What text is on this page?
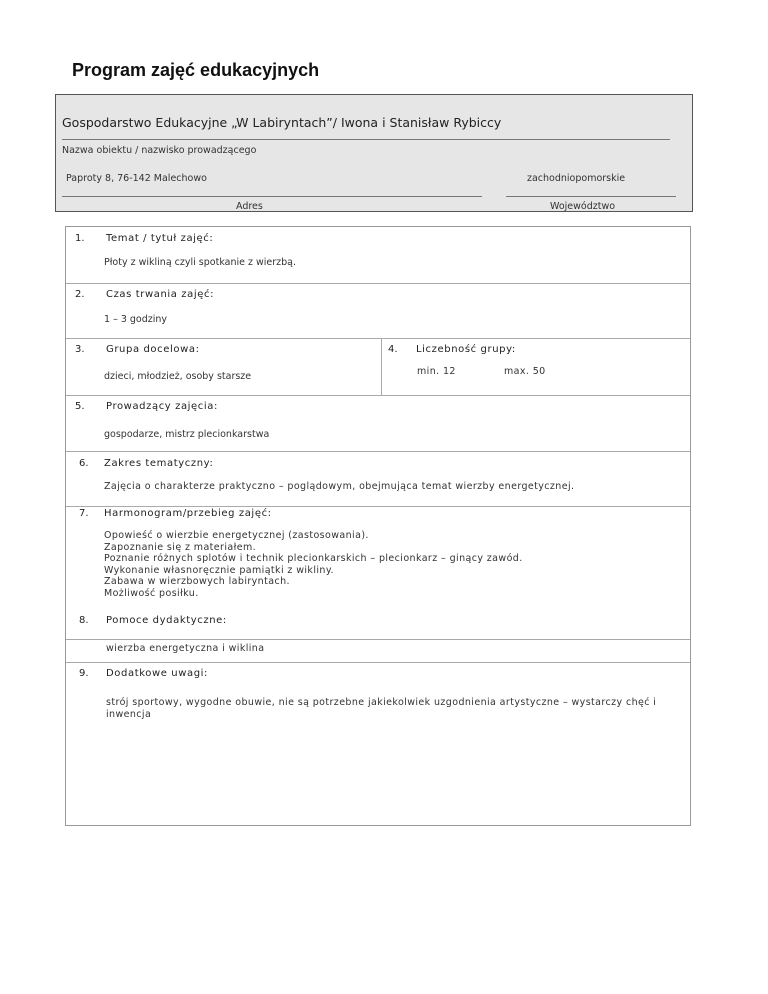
Program zajęć edukacyjnych
Gospodarstwo Edukacyjne „W Labiryntach”/ Iwona i Stanisław Rybiccy
Nazwa obiektu / nazwisko prowadzącego
Paproty 8, 76-142 Malechowo	zachodniopomorskie
Adres	Województwo
1. Temat / tytuł zajęć:
Płoty z wikliną czyli spotkanie z wierzbą.
2. Czas trwania zajęć:
1 – 3 godziny
3. Grupa docelowa:
dzieci, młodzież, osoby starsze
4. Liczebność grupy:
min. 12	max. 50
5. Prowadzący zajęcia:
gospodarze, mistrz plecionkarstwa
6. Zakres tematyczny:
Zajęcia o charakterze praktyczno – poglądowym, obejmująca temat wierzby energetycznej.
7. Harmonogram/przebieg zajęć:
Opowieść o wierzbie energetycznej (zastosowania).
Zapoznanie się z materiałem.
Poznanie różnych splotów i technik plecionkarskich – plecionkarz – ginący zawód.
Wykonanie własnoręcznie pamiątki z wikliny.
Zabawa w wierzbowych labiryntach.
Możliwość posiłku.
8. Pomoce dydaktyczne:
wierzba energetyczna i wiklina
9. Dodatkowe uwagi:
strój sportowy, wygodne obuwie, nie są potrzebne jakiekolwiek uzgodnienia artystyczne – wystarczy chęć i inwencja
